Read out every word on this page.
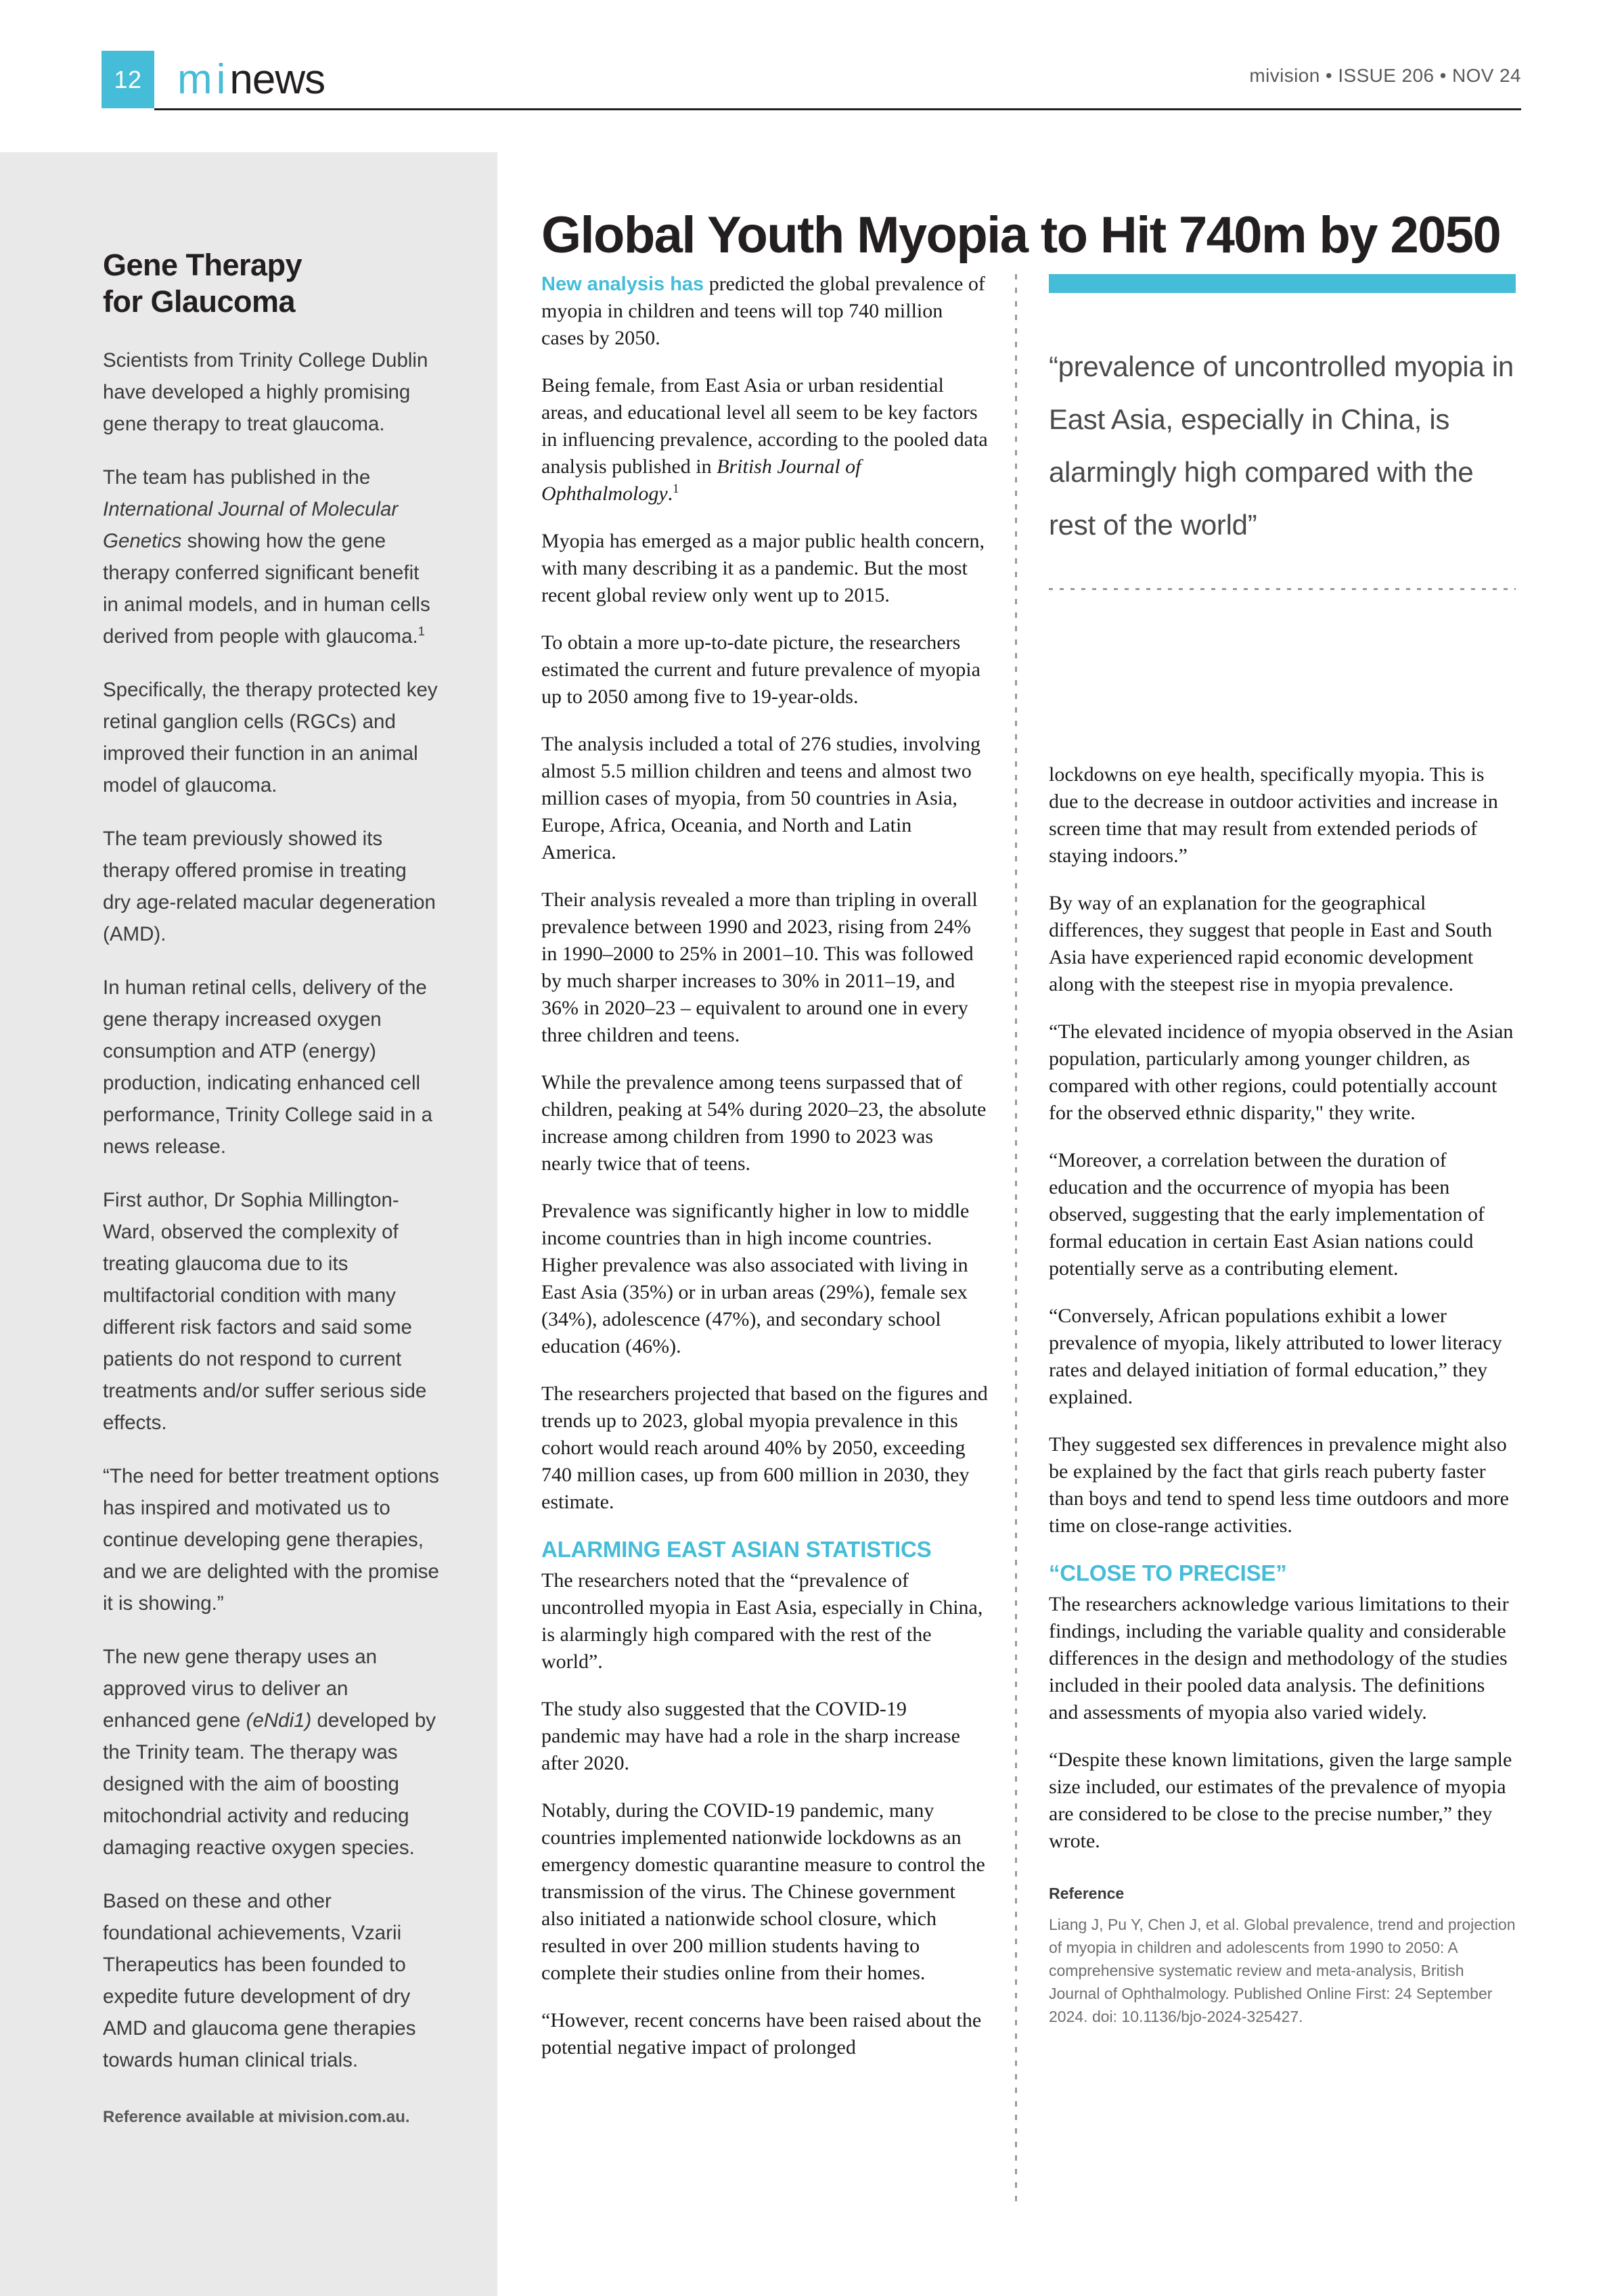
12 minews	mivision • ISSUE 206 • NOV 24
Gene Therapy
for Glaucoma

Scientists from Trinity College Dublin have developed a highly promising gene therapy to treat glaucoma.

The team has published in the International Journal of Molecular Genetics showing how the gene therapy conferred significant benefit in animal models, and in human cells derived from people with glaucoma.$^1$

Specifically, the therapy protected key retinal ganglion cells (RGCs) and improved their function in an animal model of glaucoma.

The team previously showed its therapy offered promise in treating dry age-related macular degeneration (AMD).

In human retinal cells, delivery of the gene therapy increased oxygen consumption and ATP (energy) production, indicating enhanced cell performance, Trinity College said in a news release.

First author, Dr Sophia Millington-Ward, observed the complexity of treating glaucoma due to its multifactorial condition with many different risk factors and said some patients do not respond to current treatments and/or suffer serious side effects.

“The need for better treatment options has inspired and motivated us to continue developing gene therapies, and we are delighted with the promise it is showing.”

The new gene therapy uses an approved virus to deliver an enhanced gene (eNdi1) developed by the Trinity team. The therapy was designed with the aim of boosting mitochondrial activity and reducing damaging reactive oxygen species.

Based on these and other foundational achievements, Vzarii Therapeutics has been founded to expedite future development of dry AMD and glaucoma gene therapies towards human clinical trials.

Reference available at mivision.com.au.

Global Youth Myopia to Hit 740m by 2050

New analysis has predicted the global prevalence of myopia in children and teens will top 740 million cases by 2050.

Being female, from East Asia or urban residential areas, and educational level all seem to be key factors in influencing prevalence, according to the pooled data analysis published in British Journal of Ophthalmology.$^1$

Myopia has emerged as a major public health concern, with many describing it as a pandemic. But the most recent global review only went up to 2015.

To obtain a more up-to-date picture, the researchers estimated the current and future prevalence of myopia up to 2050 among five to 19-year-olds.

The analysis included a total of 276 studies, involving almost 5.5 million children and teens and almost two million cases of myopia, from 50 countries in Asia, Europe, Africa, Oceania, and North and Latin America.

Their analysis revealed a more than tripling in overall prevalence between 1990 and 2023, rising from 24% in 1990–2000 to 25% in 2001–10. This was followed by much sharper increases to 30% in 2011–19, and 36% in 2020–23 – equivalent to around one in every three children and teens.

While the prevalence among teens surpassed that of children, peaking at 54% during 2020–23, the absolute increase among children from 1990 to 2023 was nearly twice that of teens.

Prevalence was significantly higher in low to middle income countries than in high income countries. Higher prevalence was also associated with living in East Asia (35%) or in urban areas (29%), female sex (34%), adolescence (47%), and secondary school education (46%).

The researchers projected that based on the figures and trends up to 2023, global myopia prevalence in this cohort would reach around 40% by 2050, exceeding 740 million cases, up from 600 million in 2030, they estimate.

ALARMING EAST ASIAN STATISTICS

The researchers noted that the “prevalence of uncontrolled myopia in East Asia, especially in China, is alarmingly high compared with the rest of the world”.

The study also suggested that the COVID-19 pandemic may have had a role in the sharp increase after 2020.

Notably, during the COVID-19 pandemic, many countries implemented nationwide lockdowns as an emergency domestic quarantine measure to control the transmission of the virus. The Chinese government also initiated a nationwide school closure, which resulted in over 200 million students having to complete their studies online from their homes.

“However, recent concerns have been raised about the potential negative impact of prolonged

“prevalence of uncontrolled myopia in East Asia, especially in China, is alarmingly high compared with the rest of the world”

lockdowns on eye health, specifically myopia. This is due to the decrease in outdoor activities and increase in screen time that may result from extended periods of staying indoors.”

By way of an explanation for the geographical differences, they suggest that people in East and South Asia have experienced rapid economic development along with the steepest rise in myopia prevalence.

“The elevated incidence of myopia observed in the Asian population, particularly among younger children, as compared with other regions, could potentially account for the observed ethnic disparity," they write.

“Moreover, a correlation between the duration of education and the occurrence of myopia has been observed, suggesting that the early implementation of formal education in certain East Asian nations could potentially serve as a contributing element.

“Conversely, African populations exhibit a lower prevalence of myopia, likely attributed to lower literacy rates and delayed initiation of formal education,” they explained.

They suggested sex differences in prevalence might also be explained by the fact that girls reach puberty faster than boys and tend to spend less time outdoors and more time on close-range activities.

“CLOSE TO PRECISE”

The researchers acknowledge various limitations to their findings, including the variable quality and considerable differences in the design and methodology of the studies included in their pooled data analysis. The definitions and assessments of myopia also varied widely.

“Despite these known limitations, given the large sample size included, our estimates of the prevalence of myopia are considered to be close to the precise number,” they wrote.

Reference

Liang J, Pu Y, Chen J, et al. Global prevalence, trend and projection of myopia in children and adolescents from 1990 to 2050: A comprehensive systematic review and meta-analysis, British Journal of Ophthalmology. Published Online First: 24 September 2024. doi: 10.1136/bjo-2024-325427.
